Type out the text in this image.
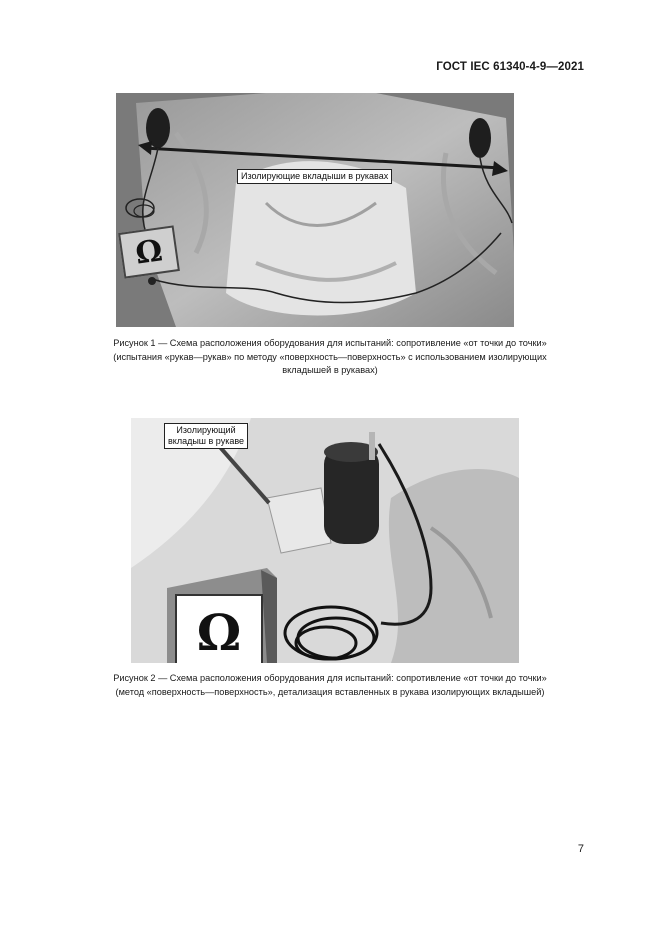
ГОСТ IEC 61340-4-9—2021
Ω
Изолирующие вкладыши в рукавах
Рисунок 1 — Схема расположения оборудования для испытаний: сопротивление «от точки до точки»
(испытания «рукав—рукав» по методу «поверхность—поверхность» с использованием изолирующих
вкладышей в рукавах)
Ω
Изолирующий
вкладыш в рукаве
Рисунок 2 — Схема расположения оборудования для испытаний: сопротивление «от точки до точки»
(метод «поверхность—поверхность», детализация вставленных в рукава изолирующих вкладышей)
7
